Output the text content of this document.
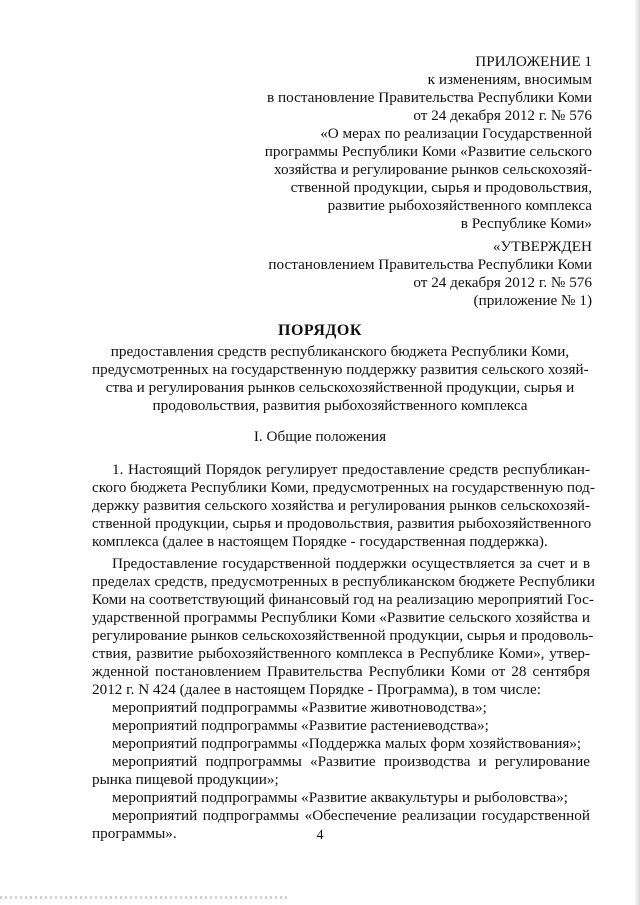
ПРИЛОЖЕНИЕ 1
к изменениям, вносимым
в постановление Правительства Республики Коми
от 24 декабря 2012 г. № 576
«О мерах по реализации Государственной
программы Республики Коми «Развитие сельского
хозяйства и регулирование рынков сельскохозяй-
ственной продукции, сырья и продовольствия,
развитие рыбохозяйственного комплекса
в Республике Коми»
«УТВЕРЖДЕН
постановлением Правительства Республики Коми
от 24 декабря 2012 г. № 576
(приложение № 1)
ПОРЯДОК
предоставления средств республиканского бюджета Республики Коми,
предусмотренных на государственную поддержку развития сельского хозяй-
ства и регулирования рынков сельскохозяйственной продукции, сырья и
продовольствия, развития рыбохозяйственного комплекса
I. Общие положения
1. Настоящий Порядок регулирует предоставление средств республикан-
ского бюджета Республики Коми, предусмотренных на государственную под-
держку развития сельского хозяйства и регулирования рынков сельскохозяй-
ственной продукции, сырья и продовольствия, развития рыбохозяйственного
комплекса (далее в настоящем Порядке - государственная поддержка).
Предоставление государственной поддержки осуществляется за счет и в
пределах средств, предусмотренных в республиканском бюджете Республики
Коми на соответствующий финансовый год на реализацию мероприятий Гос-
ударственной программы Республики Коми «Развитие сельского хозяйства и
регулирование рынков сельскохозяйственной продукции, сырья и продоволь-
ствия, развитие рыбохозяйственного комплекса в Республике Коми», утвер-
жденной постановлением Правительства Республики Коми от 28 сентября
2012 г. N 424 (далее в настоящем Порядке - Программа), в том числе:
мероприятий подпрограммы «Развитие животноводства»;
мероприятий подпрограммы «Развитие растениеводства»;
мероприятий подпрограммы «Поддержка малых форм хозяйствования»;
мероприятий подпрограммы «Развитие производства и регулирование
рынка пищевой продукции»;
мероприятий подпрограммы «Развитие аквакультуры и рыболовства»;
мероприятий подпрограммы «Обеспечение реализации государственной
программы».	4
